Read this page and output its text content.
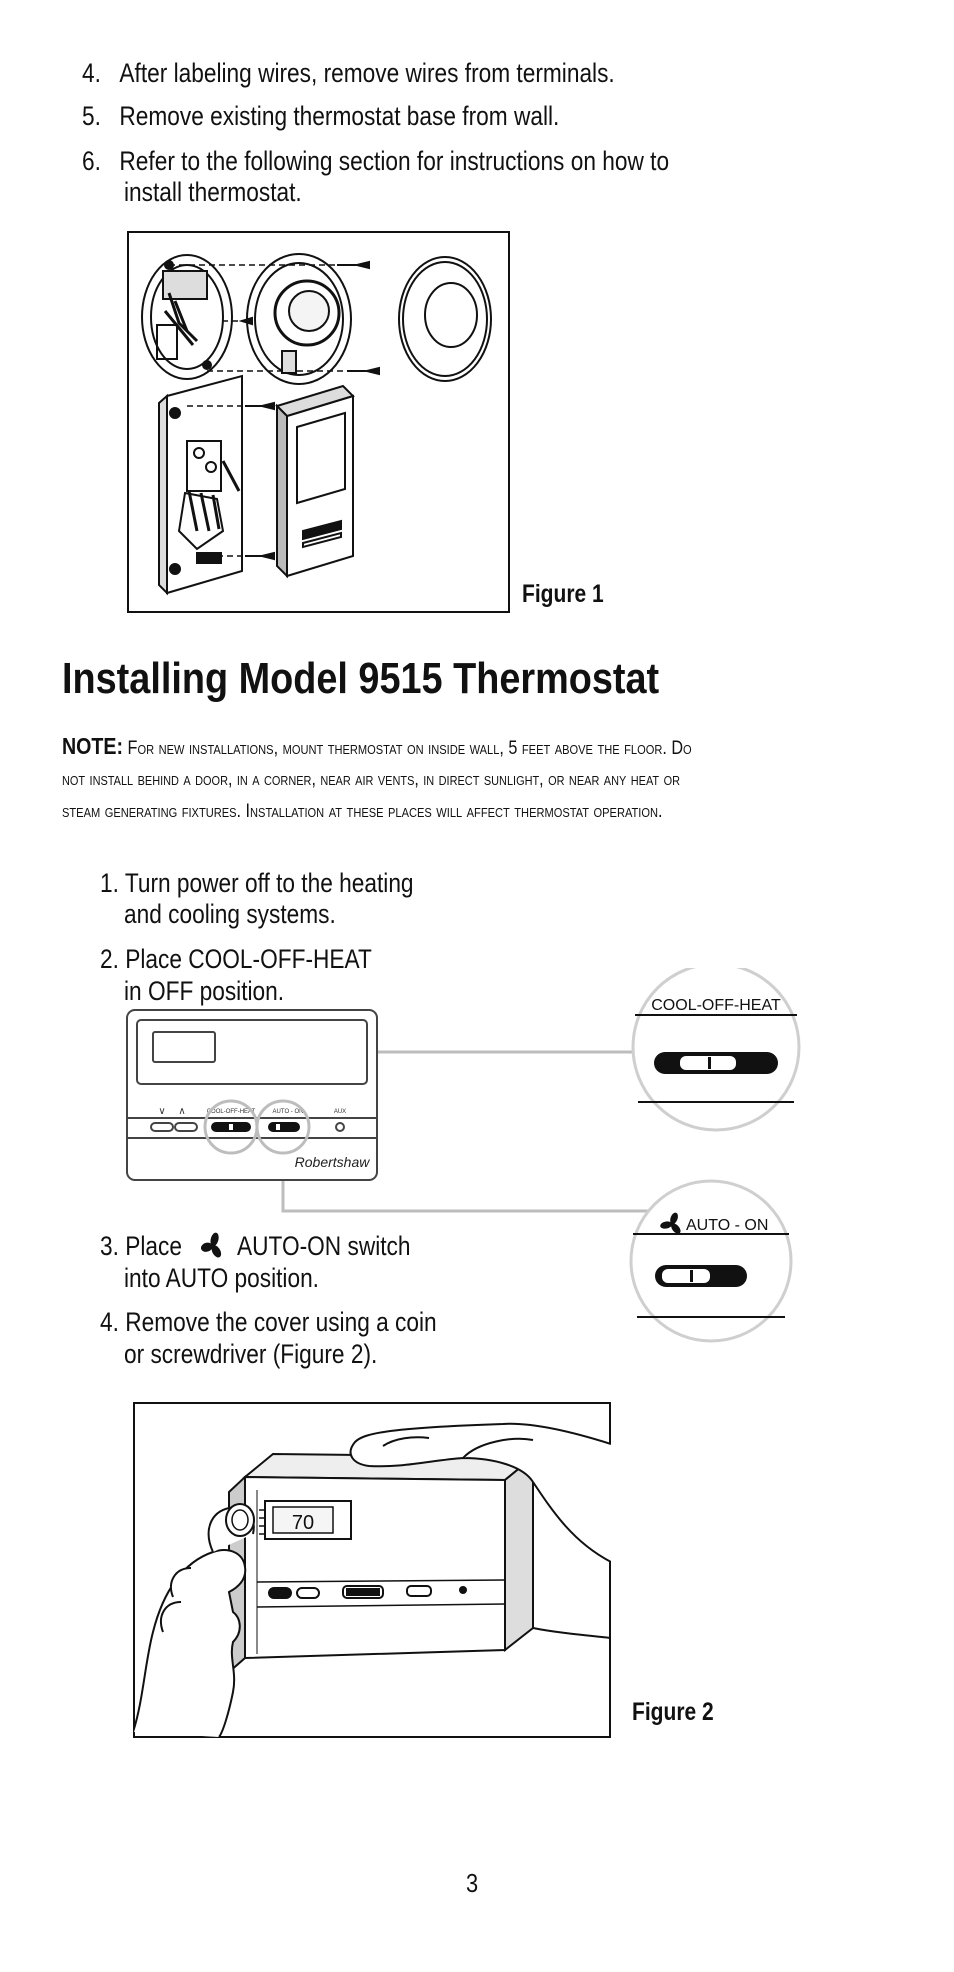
4. After labeling wires, remove wires from terminals.
5. Remove existing thermostat base from wall.
6. Refer to the following section for instructions on how to
install thermostat.
Figure 1
Installing Model 9515 Thermostat
NOTE: For new installations, mount thermostat on inside wall, 5 feet above the floor. Do
not install behind a door, in a corner, near air vents, in direct sunlight, or near any heat or
steam generating fixtures. Installation at these places will affect thermostat operation.
1. Turn power off to the heating
and cooling systems.
2. Place COOL-OFF-HEAT
in OFF position.
∨ ∧	COOL-OFF-HEAT	AUTO - ON	AUX
Robertshaw
COOL-OFF-HEAT
AUTO - ON
3. Place AUTO-ON switch
into AUTO position.
4. Remove the cover using a coin
or screwdriver (Figure 2).
70
Figure 2
3
